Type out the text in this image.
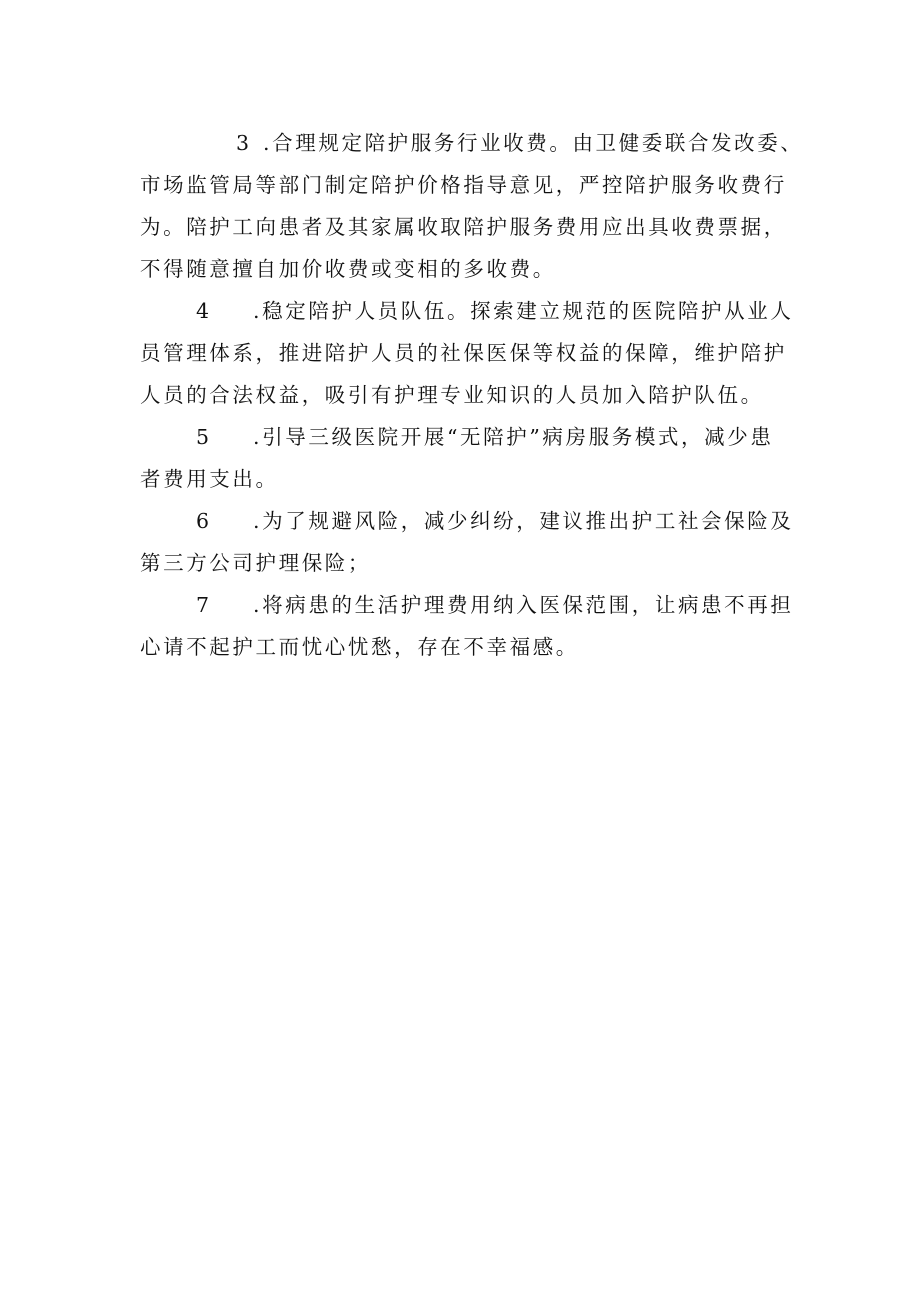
3 .合理规定陪护服务行业收费。由卫健委联合发改委、
市场监管局等部门制定陪护价格指导意见，严控陪护服务收费行
为。陪护工向患者及其家属收取陪护服务费用应出具收费票据，
不得随意擅自加价收费或变相的多收费。
4 .稳定陪护人员队伍。探索建立规范的医院陪护从业人
员管理体系，推进陪护人员的社保医保等权益的保障，维护陪护
人员的合法权益，吸引有护理专业知识的人员加入陪护队伍。
5 .引导三级医院开展“无陪护”病房服务模式，减少患
者费用支出。
6 .为了规避风险，减少纠纷，建议推出护工社会保险及
第三方公司护理保险；
7 .将病患的生活护理费用纳入医保范围，让病患不再担
心请不起护工而忧心忧愁，存在不幸福感。
